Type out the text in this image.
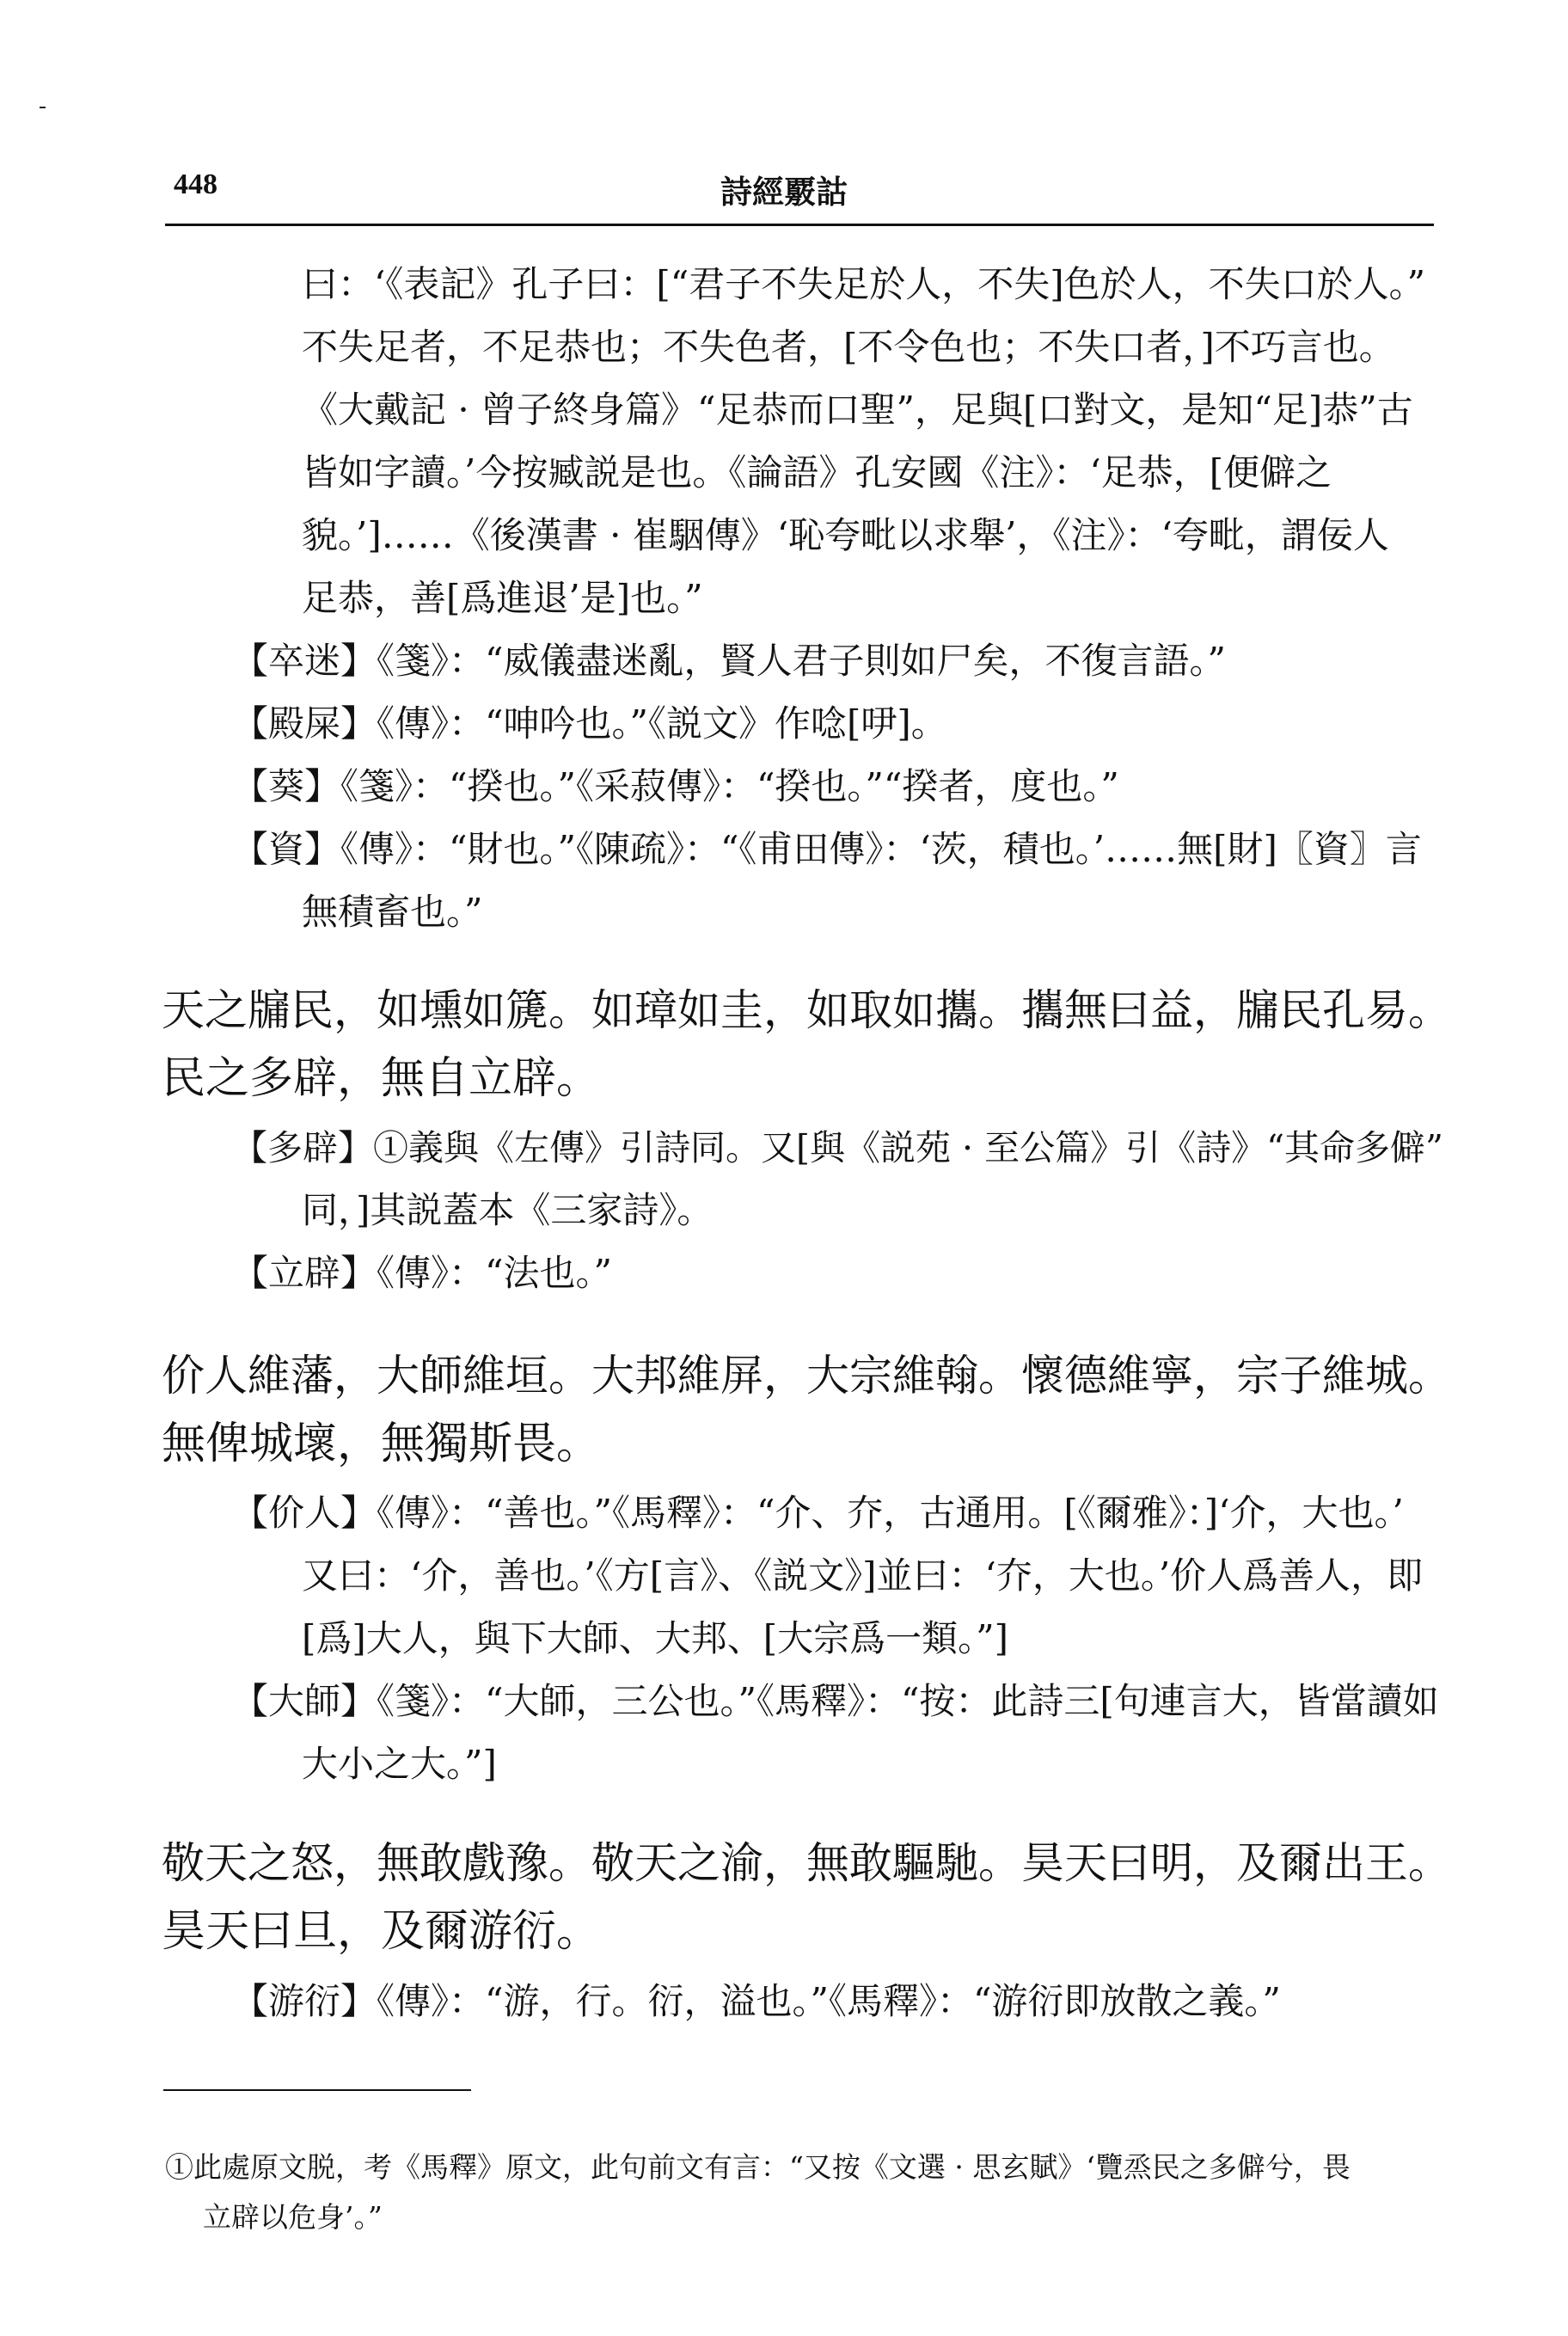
448	詩經覈詁
曰：‘《表記》孔子曰：[“君子不失足於人，不失]色於人，不失口於人。”
不失足者，不足恭也；不失色者，[不令色也；不失口者，]不巧言也。
《大戴記 · 曾子終身篇》“足恭而口聖”，足與[口對文，是知“足]恭”古
皆如字讀。’今按臧説是也。《論語》孔安國《注》：‘足恭，[便僻之
貌。’]……《後漢書 · 崔駰傳》‘恥夸毗以求舉’，《注》：‘夸毗，謂佞人
足恭，善[爲進退’是]也。”
【卒迷】《箋》：“威儀盡迷亂，賢人君子則如尸矣，不復言語。”
【殿屎】《傳》：“呻吟也。”《説文》作唸[吚]。
【葵】《箋》：“揆也。”《采菽傳》：“揆也。”“揆者，度也。”
【資】《傳》：“財也。”《陳疏》：“《甫田傳》：‘茨，積也。’……無[財]〖資〗言
無積畜也。”
天之牖民，如壎如篪。如璋如圭，如取如攜。攜無曰益，牖民孔易。
民之多辟，無自立辟。
【多辟】①義與《左傳》引詩同。又[與《説苑 · 至公篇》引《詩》“其命多僻”
同，]其説蓋本《三家詩》。
【立辟】《傳》：“法也。”
价人維藩，大師維垣。大邦維屏，大宗維翰。懷德維寧，宗子維城。
無俾城壞，無獨斯畏。
【价人】《傳》：“善也。”《馬釋》：“介、夰，古通用。[《爾雅》：]‘介，大也。’
又曰：‘介，善也。’《方[言》、《説文》]並曰：‘夰，大也。’价人爲善人，即
[爲]大人，與下大師、大邦、[大宗爲一類。”]
【大師】《箋》：“大師，三公也。”《馬釋》：“按：此詩三[句連言大，皆當讀如
大小之大。”]
敬天之怒，無敢戲豫。敬天之渝，無敢驅馳。昊天曰明，及爾出王。
昊天曰旦，及爾游衍。
【游衍】《傳》：“游，行。衍，溢也。”《馬釋》：“游衍即放散之義。”
①此處原文脱，考《馬釋》原文，此句前文有言：“又按《文選 · 思玄賦》‘覽烝民之多僻兮，畏
立辟以危身’。”
